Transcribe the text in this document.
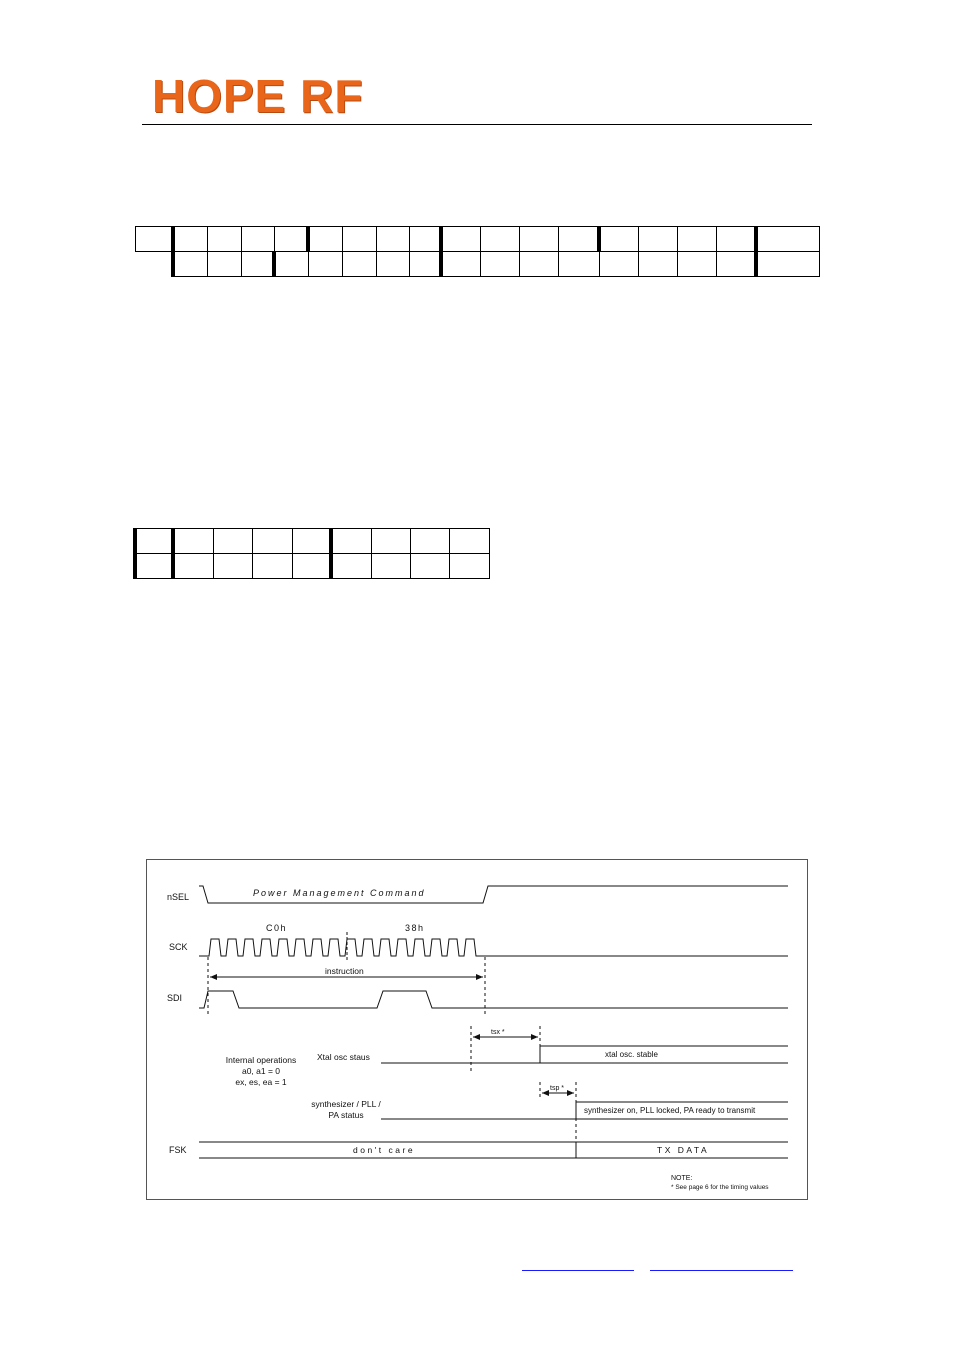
HOPE RF

nSEL	Power Management Command
SCK
C0h	38h
instruction
SDI
tsx *
Xtal osc staus	xtal osc. stable
Internal operations
a0, a1 = 0
ex, es, ea = 1
tsp *
synthesizer / PLL /
PA status	synthesizer on, PLL locked, PA ready to transmit
FSK	don't care	TX DATA
NOTE:
* See page 6 for the timing values
